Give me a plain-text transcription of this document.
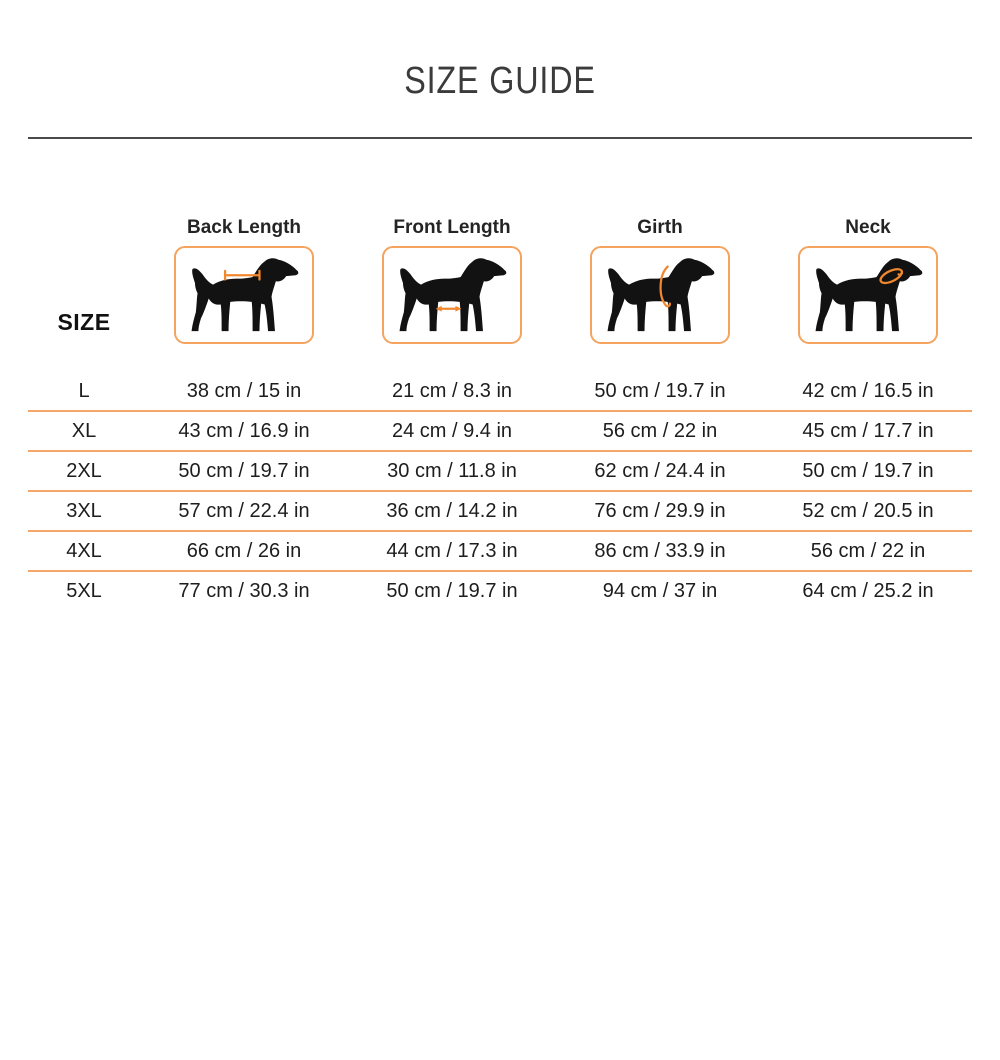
SIZE GUIDE
SIZE
Back Length	Front Length	Girth	Neck
L	38 cm / 15 in	21 cm / 8.3 in	50 cm / 19.7 in	42 cm / 16.5 in
XL	43 cm / 16.9 in	24 cm / 9.4 in	56 cm / 22 in	45 cm / 17.7 in
2XL	50 cm / 19.7 in	30 cm / 11.8 in	62 cm / 24.4 in	50 cm / 19.7 in
3XL	57 cm / 22.4 in	36 cm / 14.2 in	76 cm / 29.9 in	52 cm / 20.5 in
4XL	66 cm / 26 in	44 cm / 17.3 in	86 cm / 33.9 in	56 cm / 22 in
5XL	77 cm / 30.3 in	50 cm / 19.7 in	94 cm / 37 in	64 cm / 25.2 in
